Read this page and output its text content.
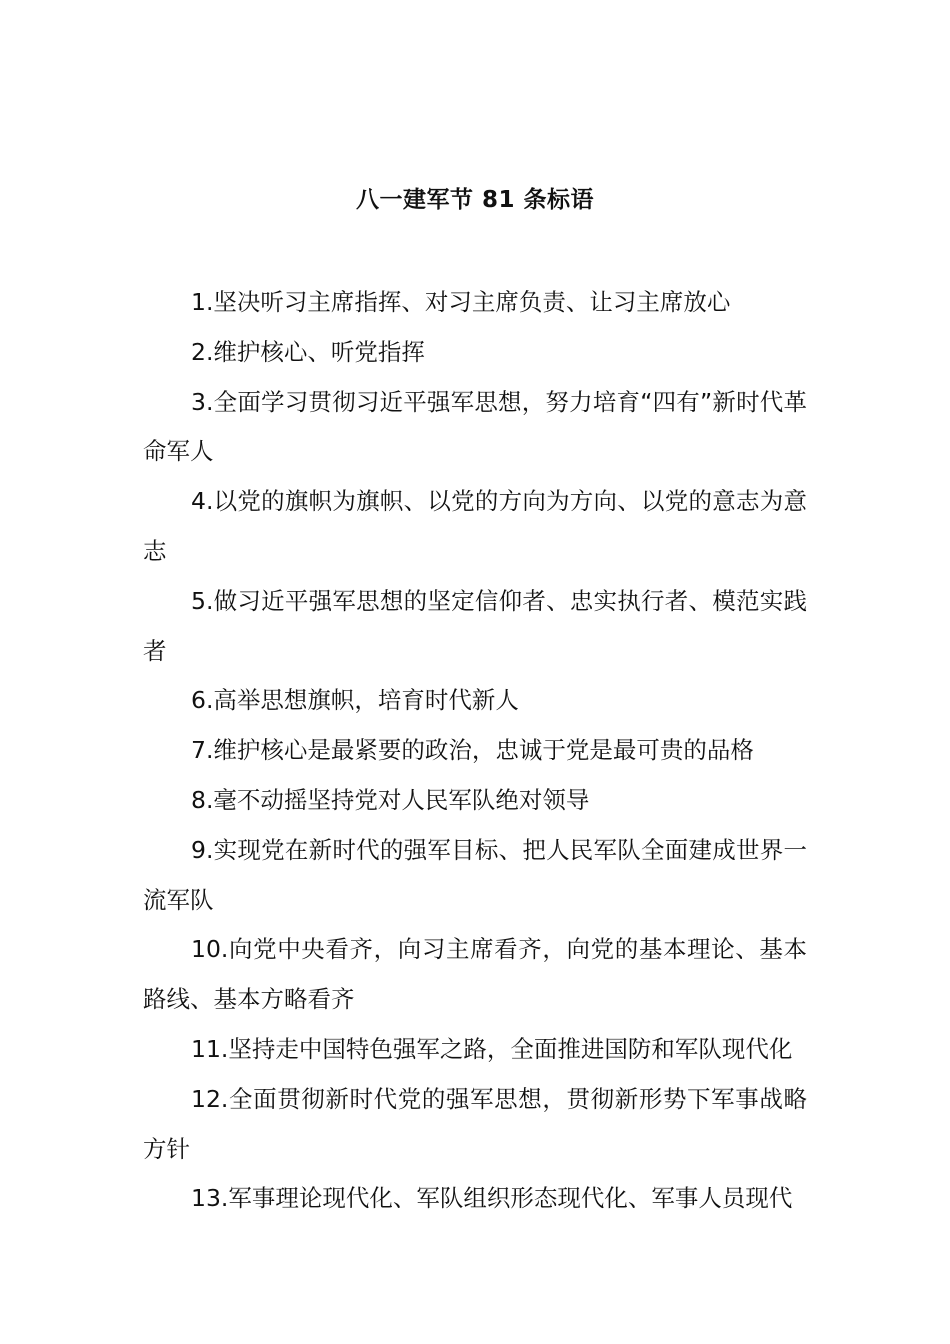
八一建军节 81 条标语

1.坚决听习主席指挥、对习主席负责、让习主席放心

2.维护核心、听党指挥

3.全面学习贯彻习近平强军思想，努力培育“四有”新时代革命军人

4.以党的旗帜为旗帜、以党的方向为方向、以党的意志为意志

5.做习近平强军思想的坚定信仰者、忠实执行者、模范实践者

6.高举思想旗帜，培育时代新人

7.维护核心是最紧要的政治，忠诚于党是最可贵的品格

8.毫不动摇坚持党对人民军队绝对领导

9.实现党在新时代的强军目标、把人民军队全面建成世界一流军队

10.向党中央看齐，向习主席看齐，向党的基本理论、基本路线、基本方略看齐

11.坚持走中国特色强军之路，全面推进国防和军队现代化

12.全面贯彻新时代党的强军思想，贯彻新形势下军事战略方针

13.军事理论现代化、军队组织形态现代化、军事人员现代
